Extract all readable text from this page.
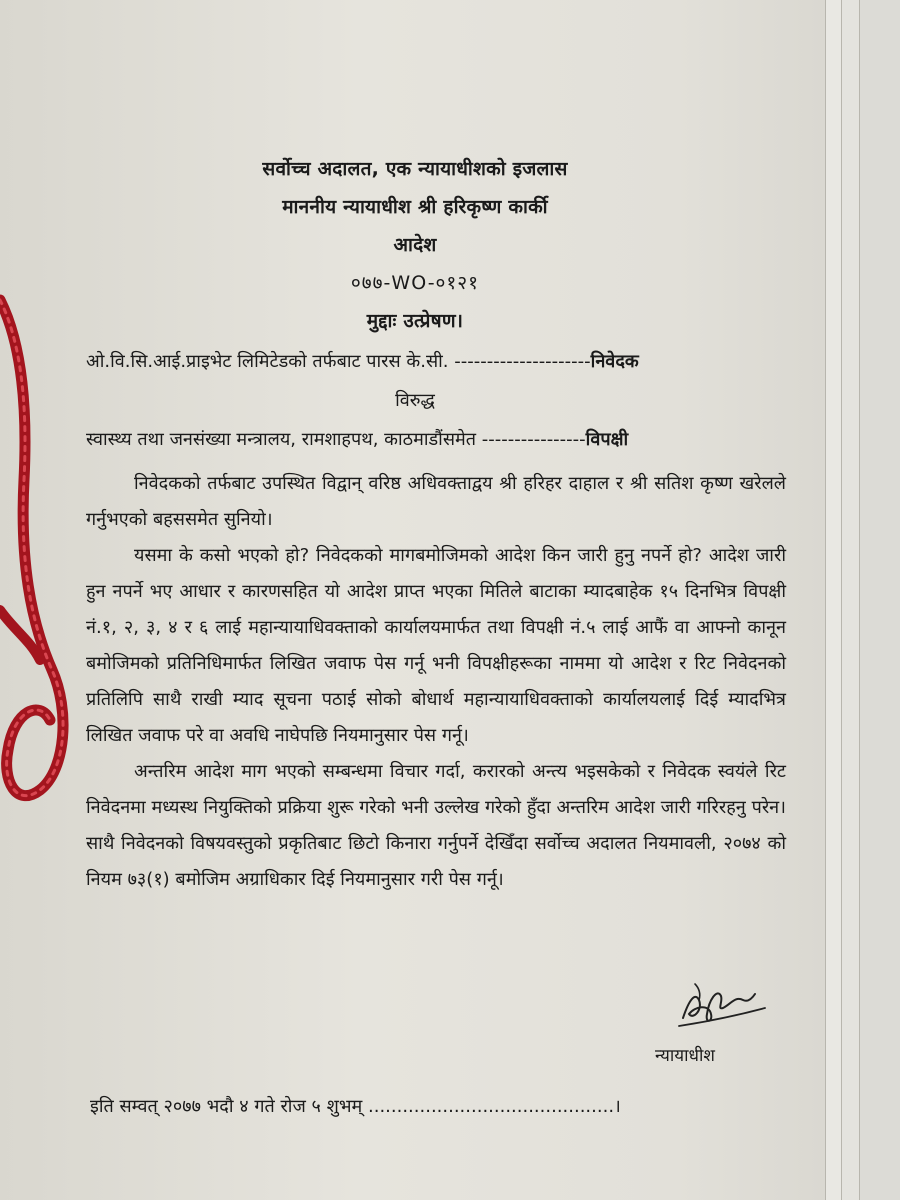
सर्वोच्च अदालत, एक न्यायाधीशको इजलास
माननीय न्यायाधीश श्री हरिकृष्ण कार्की
आदेश
०७७-WO-०१२१
मुद्दाः उत्प्रेषण।
ओ.वि.सि.आई.प्राइभेट लिमिटेडको तर्फबाट पारस के.सी. ---------------------निवेदक
विरुद्ध
स्वास्थ्य तथा जनसंख्या मन्त्रालय, रामशाहपथ, काठमाडौंसमेत ----------------विपक्षी
निवेदकको तर्फबाट उपस्थित विद्वान् वरिष्ठ अधिवक्ताद्वय श्री हरिहर दाहाल र श्री सतिश कृष्ण खरेलले गर्नुभएको बहससमेत सुनियो।
यसमा के कसो भएको हो? निवेदकको मागबमोजिमको आदेश किन जारी हुनु नपर्ने हो? आदेश जारी हुन नपर्ने भए आधार र कारणसहित यो आदेश प्राप्त भएका मितिले बाटाका म्यादबाहेक १५ दिनभित्र विपक्षी नं.१, २, ३, ४ र ६ लाई महान्यायाधिवक्ताको कार्यालयमार्फत तथा विपक्षी नं.५ लाई आफैं वा आफ्नो कानून बमोजिमको प्रतिनिधिमार्फत लिखित जवाफ पेस गर्नू भनी विपक्षीहरूका नाममा यो आदेश र रिट निवेदनको प्रतिलिपि साथै राखी म्याद सूचना पठाई सोको बोधार्थ महान्यायाधिवक्ताको कार्यालयलाई दिई म्यादभित्र लिखित जवाफ परे वा अवधि नाघेपछि नियमानुसार पेस गर्नू।
अन्तरिम आदेश माग भएको सम्बन्धमा विचार गर्दा, करारको अन्त्य भइसकेको र निवेदक स्वयंले रिट निवेदनमा मध्यस्थ नियुक्तिको प्रक्रिया शुरू गरेको भनी उल्लेख गरेको हुँदा अन्तरिम आदेश जारी गरिरहनु परेन। साथै निवेदनको विषयवस्तुको प्रकृतिबाट छिटो किनारा गर्नुपर्ने देखिँदा सर्वोच्च अदालत नियमावली, २०७४ को नियम ७३(१) बमोजिम अग्राधिकार दिई नियमानुसार गरी पेस गर्नू।
न्यायाधीश
इति सम्वत् २०७७ भदौ ४ गते रोज ५ शुभम् ...........................................।
